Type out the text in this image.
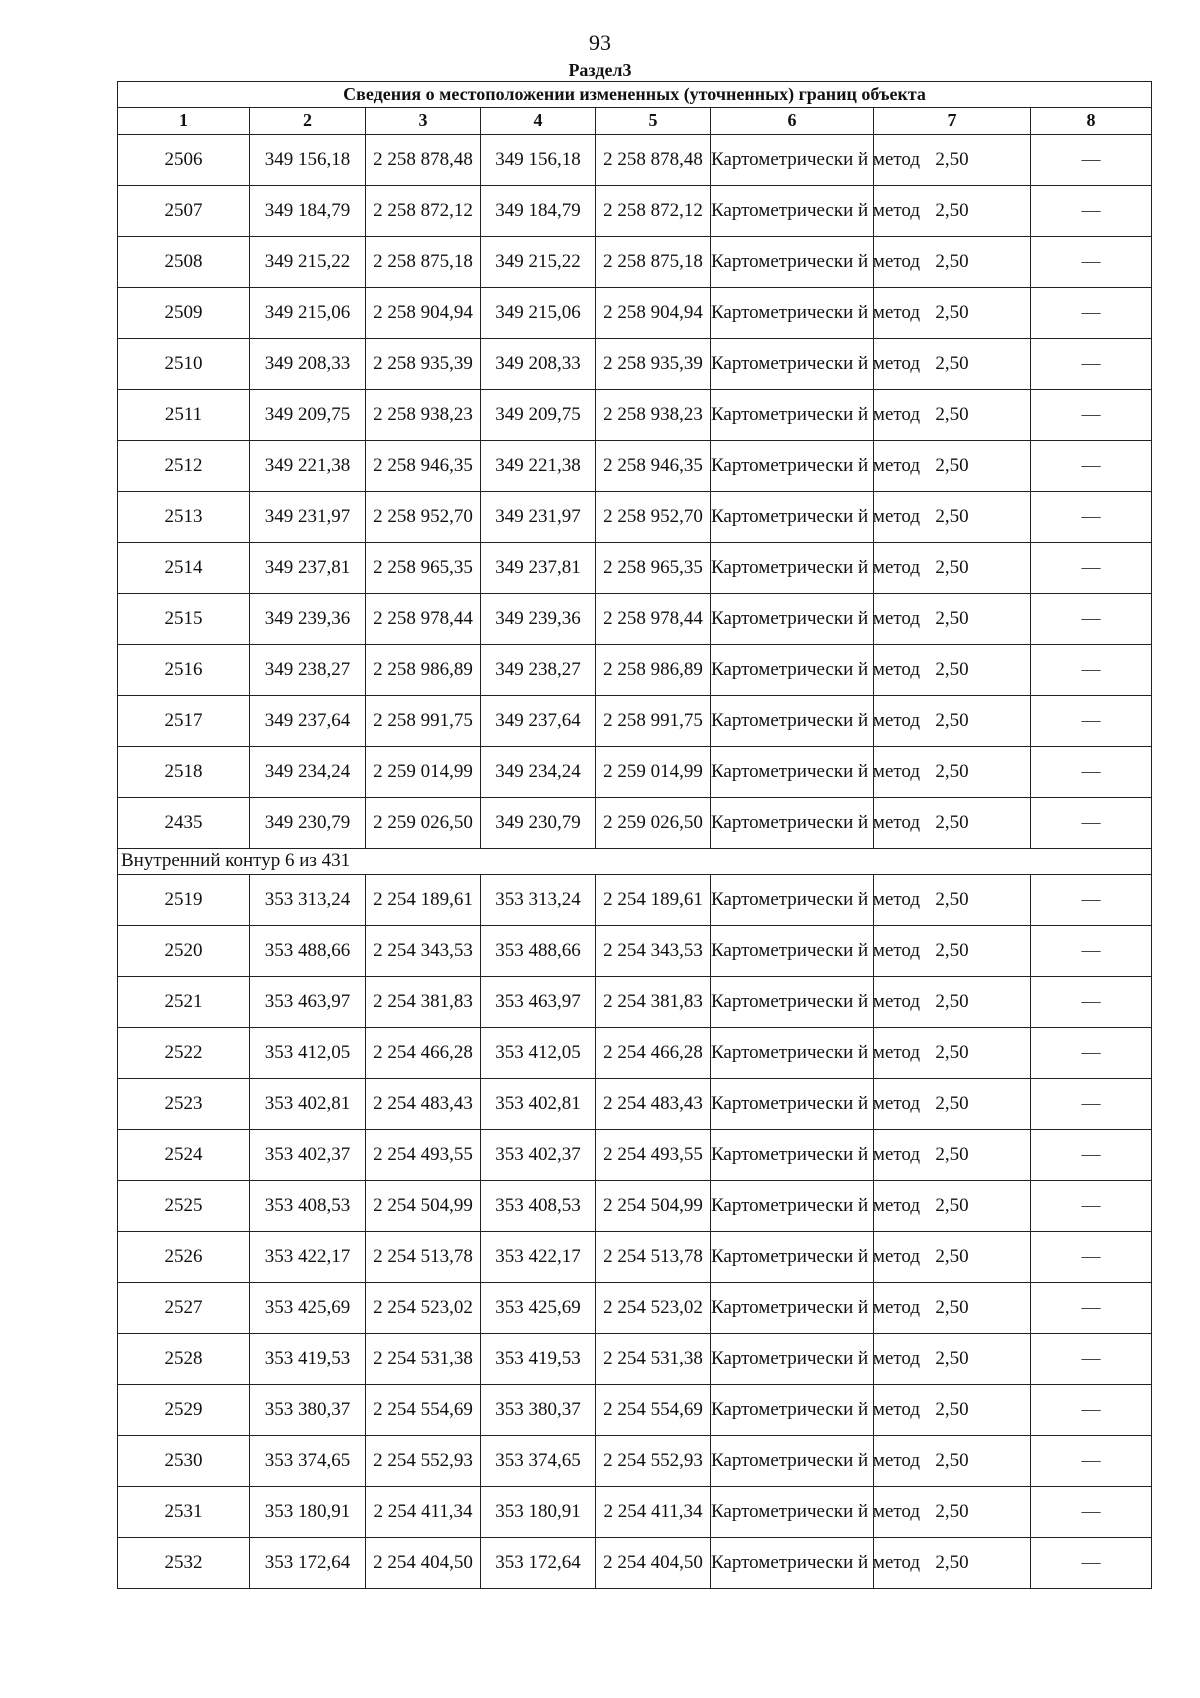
93
Раздел3
Сведения о местоположении измененных (уточненных) границ объекта							
1	2	3	4	5	6	7	8
2506	349 156,18	2 258 878,48	349 156,18	2 258 878,48	Картометрически й метод	2,50	—
2507	349 184,79	2 258 872,12	349 184,79	2 258 872,12	Картометрически й метод	2,50	—
2508	349 215,22	2 258 875,18	349 215,22	2 258 875,18	Картометрически й метод	2,50	—
2509	349 215,06	2 258 904,94	349 215,06	2 258 904,94	Картометрически й метод	2,50	—
2510	349 208,33	2 258 935,39	349 208,33	2 258 935,39	Картометрически й метод	2,50	—
2511	349 209,75	2 258 938,23	349 209,75	2 258 938,23	Картометрически й метод	2,50	—
2512	349 221,38	2 258 946,35	349 221,38	2 258 946,35	Картометрически й метод	2,50	—
2513	349 231,97	2 258 952,70	349 231,97	2 258 952,70	Картометрически й метод	2,50	—
2514	349 237,81	2 258 965,35	349 237,81	2 258 965,35	Картометрически й метод	2,50	—
2515	349 239,36	2 258 978,44	349 239,36	2 258 978,44	Картометрически й метод	2,50	—
2516	349 238,27	2 258 986,89	349 238,27	2 258 986,89	Картометрически й метод	2,50	—
2517	349 237,64	2 258 991,75	349 237,64	2 258 991,75	Картометрически й метод	2,50	—
2518	349 234,24	2 259 014,99	349 234,24	2 259 014,99	Картометрически й метод	2,50	—
2435	349 230,79	2 259 026,50	349 230,79	2 259 026,50	Картометрически й метод	2,50	—
Внутренний контур 6 из 431							
2519	353 313,24	2 254 189,61	353 313,24	2 254 189,61	Картометрически й метод	2,50	—
2520	353 488,66	2 254 343,53	353 488,66	2 254 343,53	Картометрически й метод	2,50	—
2521	353 463,97	2 254 381,83	353 463,97	2 254 381,83	Картометрически й метод	2,50	—
2522	353 412,05	2 254 466,28	353 412,05	2 254 466,28	Картометрически й метод	2,50	—
2523	353 402,81	2 254 483,43	353 402,81	2 254 483,43	Картометрически й метод	2,50	—
2524	353 402,37	2 254 493,55	353 402,37	2 254 493,55	Картометрически й метод	2,50	—
2525	353 408,53	2 254 504,99	353 408,53	2 254 504,99	Картометрически й метод	2,50	—
2526	353 422,17	2 254 513,78	353 422,17	2 254 513,78	Картометрически й метод	2,50	—
2527	353 425,69	2 254 523,02	353 425,69	2 254 523,02	Картометрически й метод	2,50	—
2528	353 419,53	2 254 531,38	353 419,53	2 254 531,38	Картометрически й метод	2,50	—
2529	353 380,37	2 254 554,69	353 380,37	2 254 554,69	Картометрически й метод	2,50	—
2530	353 374,65	2 254 552,93	353 374,65	2 254 552,93	Картометрически й метод	2,50	—
2531	353 180,91	2 254 411,34	353 180,91	2 254 411,34	Картометрически й метод	2,50	—
2532	353 172,64	2 254 404,50	353 172,64	2 254 404,50	Картометрически й метод	2,50	—
